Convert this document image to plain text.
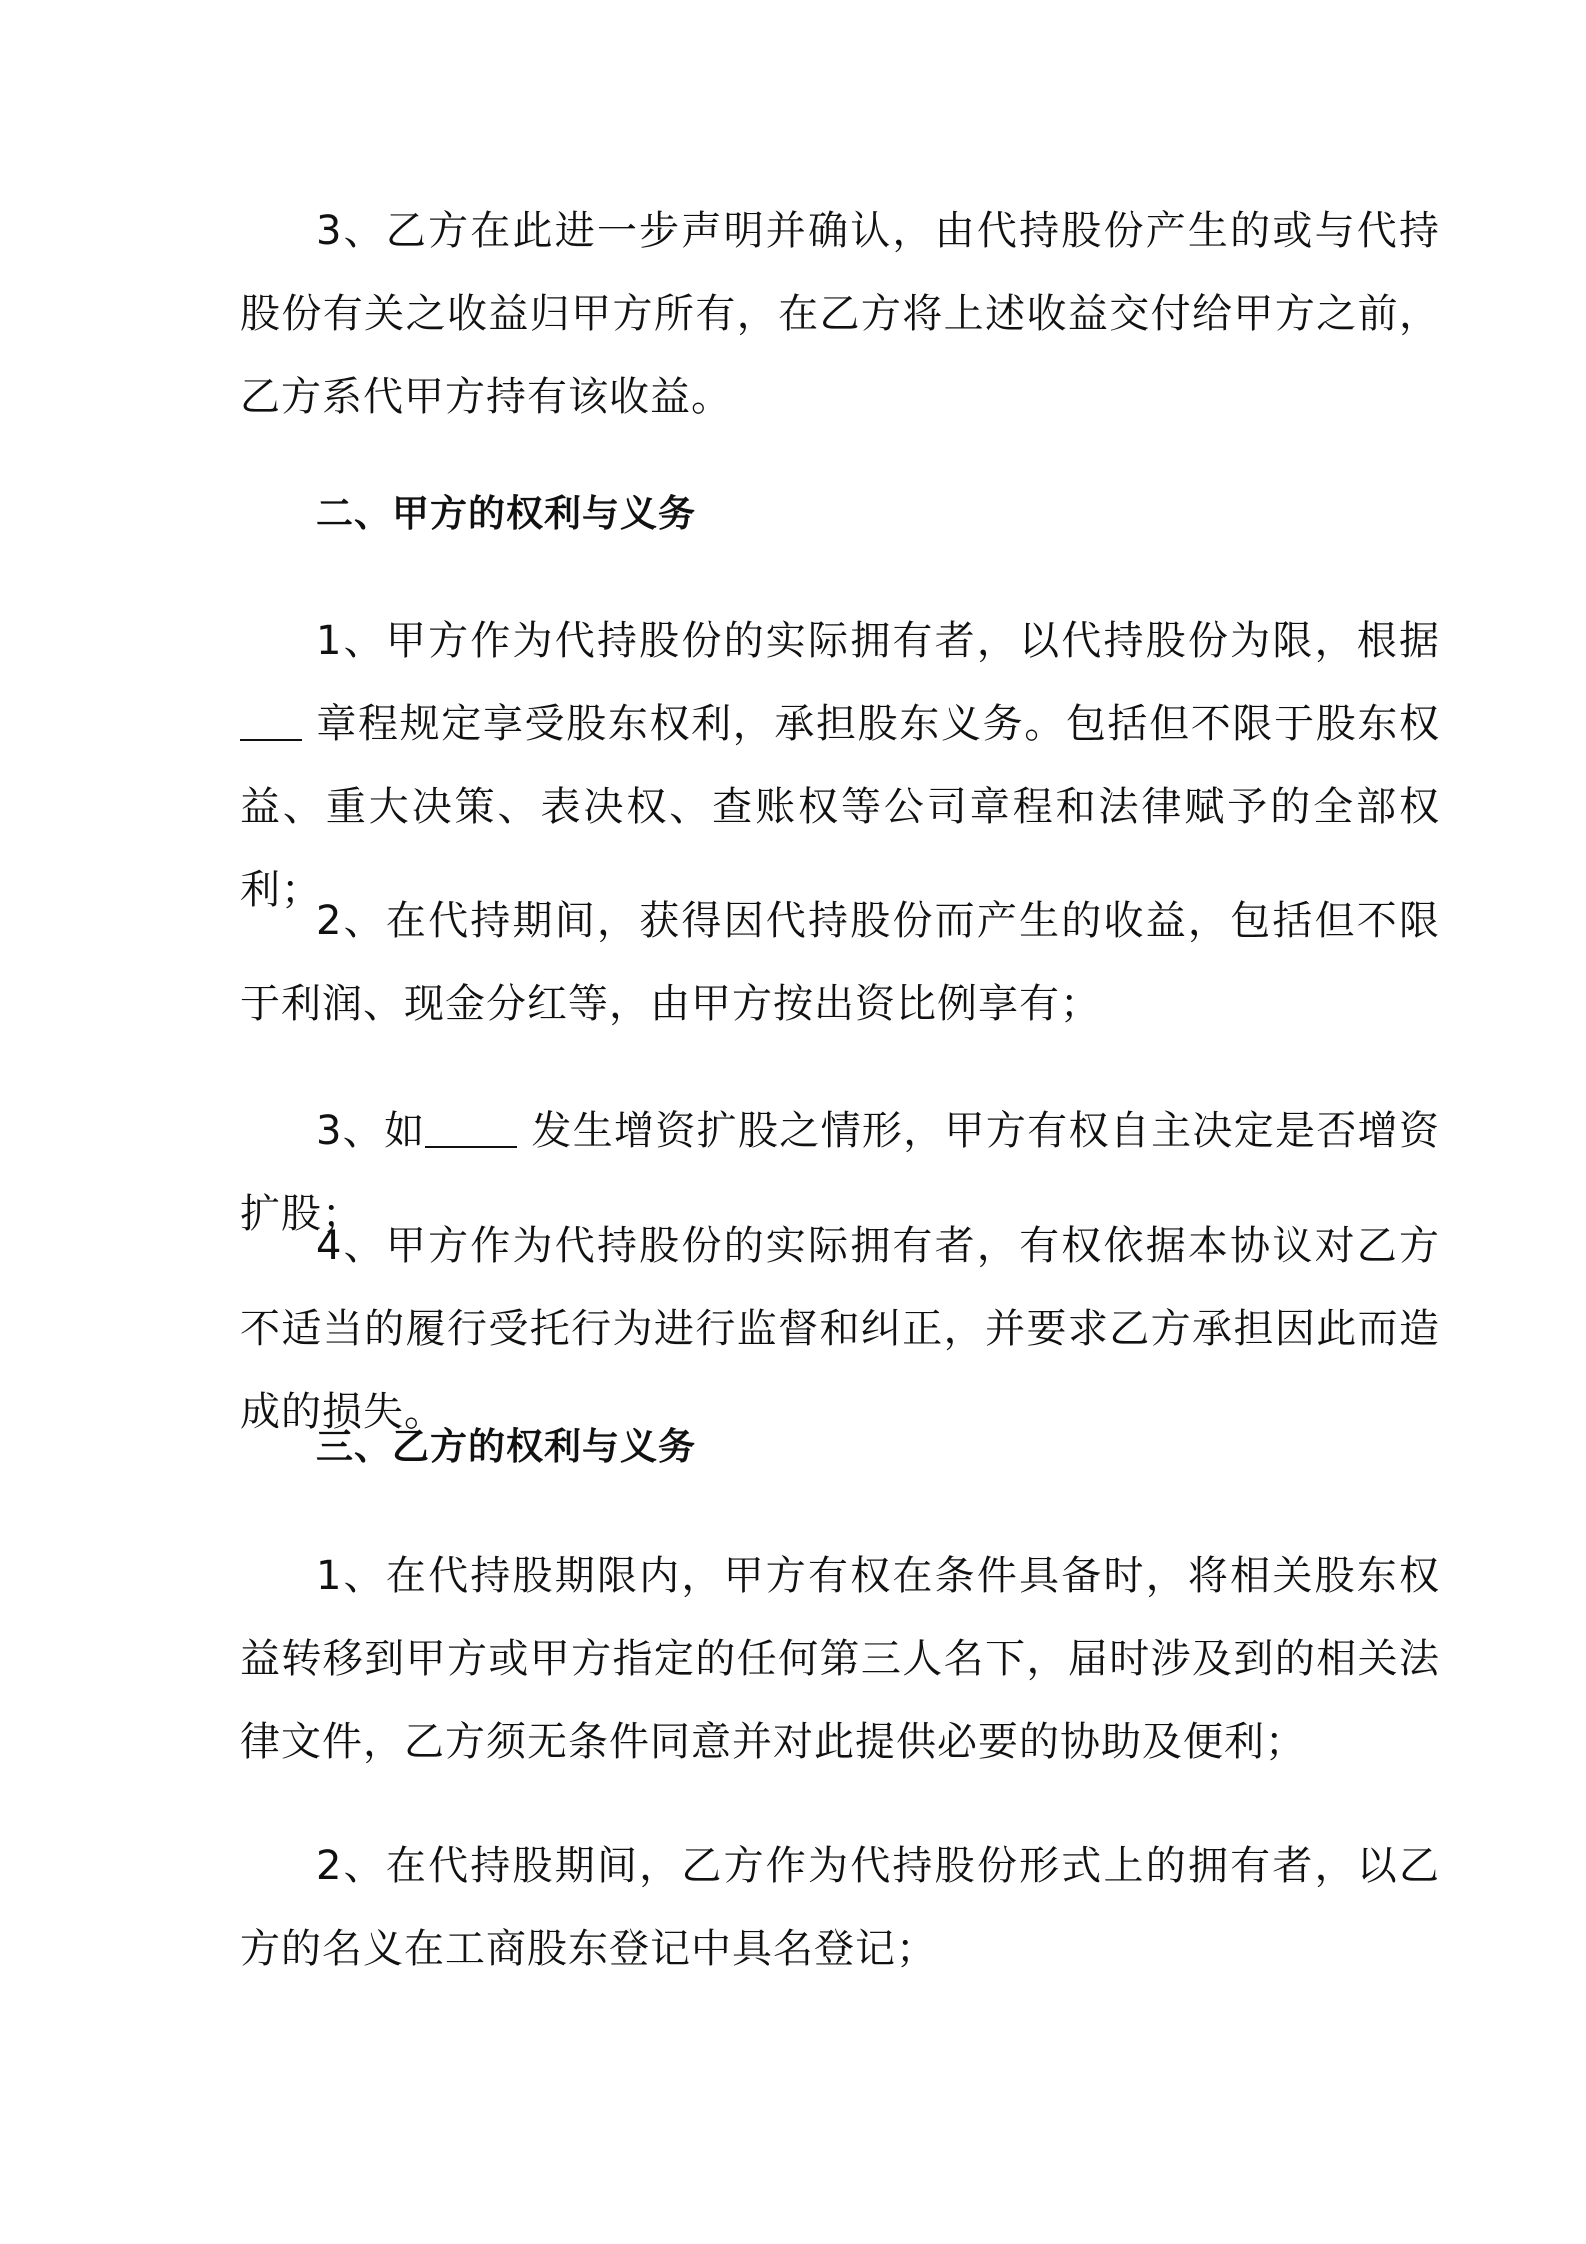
3、乙方在此进一步声明并确认，由代持股份产生的或与代持股份有关之收益归甲方所有，在乙方将上述收益交付给甲方之前，乙方系代甲方持有该收益。

二、甲方的权利与义务

1、甲方作为代持股份的实际拥有者，以代持股份为限，根据 章程规定享受股东权利，承担股东义务。包括但不限于股东权益、重大决策、表决权、查账权等公司章程和法律赋予的全部权利；

2、在代持期间，获得因代持股份而产生的收益，包括但不限于利润、现金分红等，由甲方按出资比例享有；

3、如 发生增资扩股之情形，甲方有权自主决定是否增资扩股；

4、甲方作为代持股份的实际拥有者，有权依据本协议对乙方不适当的履行受托行为进行监督和纠正，并要求乙方承担因此而造成的损失。

三、乙方的权利与义务

1、在代持股期限内，甲方有权在条件具备时，将相关股东权益转移到甲方或甲方指定的任何第三人名下，届时涉及到的相关法律文件，乙方须无条件同意并对此提供必要的协助及便利；

2、在代持股期间，乙方作为代持股份形式上的拥有者，以乙方的名义在工商股东登记中具名登记；
